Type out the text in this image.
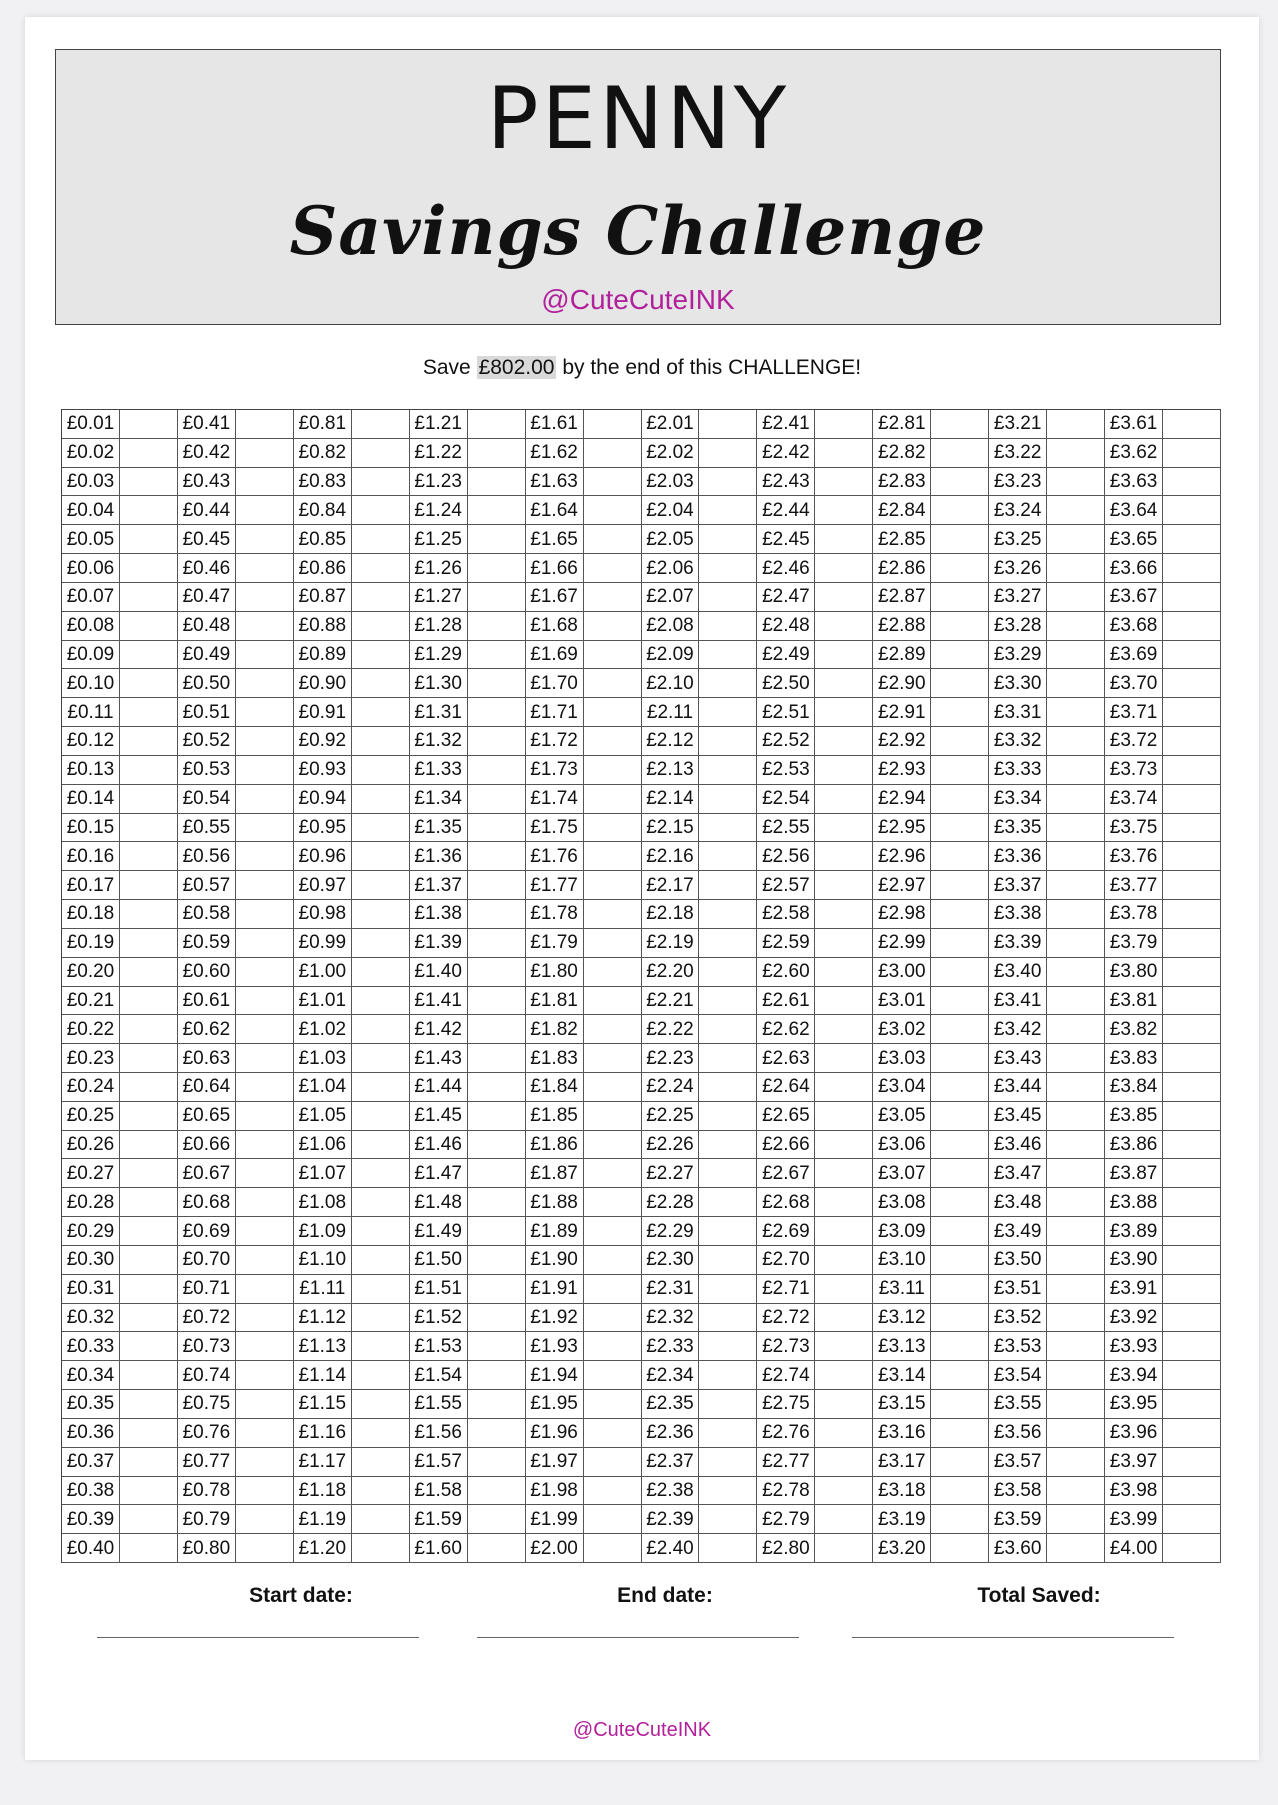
PENNY
Savings Challenge
@CuteCuteINK
Save £802.00 by the end of this CHALLENGE!
£0.01	£0.41	£0.81	£1.21	£1.61	£2.01	£2.41	£2.81	£3.21	£3.61
£0.02	£0.42	£0.82	£1.22	£1.62	£2.02	£2.42	£2.82	£3.22	£3.62
£0.03	£0.43	£0.83	£1.23	£1.63	£2.03	£2.43	£2.83	£3.23	£3.63
£0.04	£0.44	£0.84	£1.24	£1.64	£2.04	£2.44	£2.84	£3.24	£3.64
£0.05	£0.45	£0.85	£1.25	£1.65	£2.05	£2.45	£2.85	£3.25	£3.65
£0.06	£0.46	£0.86	£1.26	£1.66	£2.06	£2.46	£2.86	£3.26	£3.66
£0.07	£0.47	£0.87	£1.27	£1.67	£2.07	£2.47	£2.87	£3.27	£3.67
£0.08	£0.48	£0.88	£1.28	£1.68	£2.08	£2.48	£2.88	£3.28	£3.68
£0.09	£0.49	£0.89	£1.29	£1.69	£2.09	£2.49	£2.89	£3.29	£3.69
£0.10	£0.50	£0.90	£1.30	£1.70	£2.10	£2.50	£2.90	£3.30	£3.70
£0.11	£0.51	£0.91	£1.31	£1.71	£2.11	£2.51	£2.91	£3.31	£3.71
£0.12	£0.52	£0.92	£1.32	£1.72	£2.12	£2.52	£2.92	£3.32	£3.72
£0.13	£0.53	£0.93	£1.33	£1.73	£2.13	£2.53	£2.93	£3.33	£3.73
£0.14	£0.54	£0.94	£1.34	£1.74	£2.14	£2.54	£2.94	£3.34	£3.74
£0.15	£0.55	£0.95	£1.35	£1.75	£2.15	£2.55	£2.95	£3.35	£3.75
£0.16	£0.56	£0.96	£1.36	£1.76	£2.16	£2.56	£2.96	£3.36	£3.76
£0.17	£0.57	£0.97	£1.37	£1.77	£2.17	£2.57	£2.97	£3.37	£3.77
£0.18	£0.58	£0.98	£1.38	£1.78	£2.18	£2.58	£2.98	£3.38	£3.78
£0.19	£0.59	£0.99	£1.39	£1.79	£2.19	£2.59	£2.99	£3.39	£3.79
£0.20	£0.60	£1.00	£1.40	£1.80	£2.20	£2.60	£3.00	£3.40	£3.80
£0.21	£0.61	£1.01	£1.41	£1.81	£2.21	£2.61	£3.01	£3.41	£3.81
£0.22	£0.62	£1.02	£1.42	£1.82	£2.22	£2.62	£3.02	£3.42	£3.82
£0.23	£0.63	£1.03	£1.43	£1.83	£2.23	£2.63	£3.03	£3.43	£3.83
£0.24	£0.64	£1.04	£1.44	£1.84	£2.24	£2.64	£3.04	£3.44	£3.84
£0.25	£0.65	£1.05	£1.45	£1.85	£2.25	£2.65	£3.05	£3.45	£3.85
£0.26	£0.66	£1.06	£1.46	£1.86	£2.26	£2.66	£3.06	£3.46	£3.86
£0.27	£0.67	£1.07	£1.47	£1.87	£2.27	£2.67	£3.07	£3.47	£3.87
£0.28	£0.68	£1.08	£1.48	£1.88	£2.28	£2.68	£3.08	£3.48	£3.88
£0.29	£0.69	£1.09	£1.49	£1.89	£2.29	£2.69	£3.09	£3.49	£3.89
£0.30	£0.70	£1.10	£1.50	£1.90	£2.30	£2.70	£3.10	£3.50	£3.90
£0.31	£0.71	£1.11	£1.51	£1.91	£2.31	£2.71	£3.11	£3.51	£3.91
£0.32	£0.72	£1.12	£1.52	£1.92	£2.32	£2.72	£3.12	£3.52	£3.92
£0.33	£0.73	£1.13	£1.53	£1.93	£2.33	£2.73	£3.13	£3.53	£3.93
£0.34	£0.74	£1.14	£1.54	£1.94	£2.34	£2.74	£3.14	£3.54	£3.94
£0.35	£0.75	£1.15	£1.55	£1.95	£2.35	£2.75	£3.15	£3.55	£3.95
£0.36	£0.76	£1.16	£1.56	£1.96	£2.36	£2.76	£3.16	£3.56	£3.96
£0.37	£0.77	£1.17	£1.57	£1.97	£2.37	£2.77	£3.17	£3.57	£3.97
£0.38	£0.78	£1.18	£1.58	£1.98	£2.38	£2.78	£3.18	£3.58	£3.98
£0.39	£0.79	£1.19	£1.59	£1.99	£2.39	£2.79	£3.19	£3.59	£3.99
£0.40	£0.80	£1.20	£1.60	£2.00	£2.40	£2.80	£3.20	£3.60	£4.00
Start date:	End date:	Total Saved:
@CuteCuteINK
